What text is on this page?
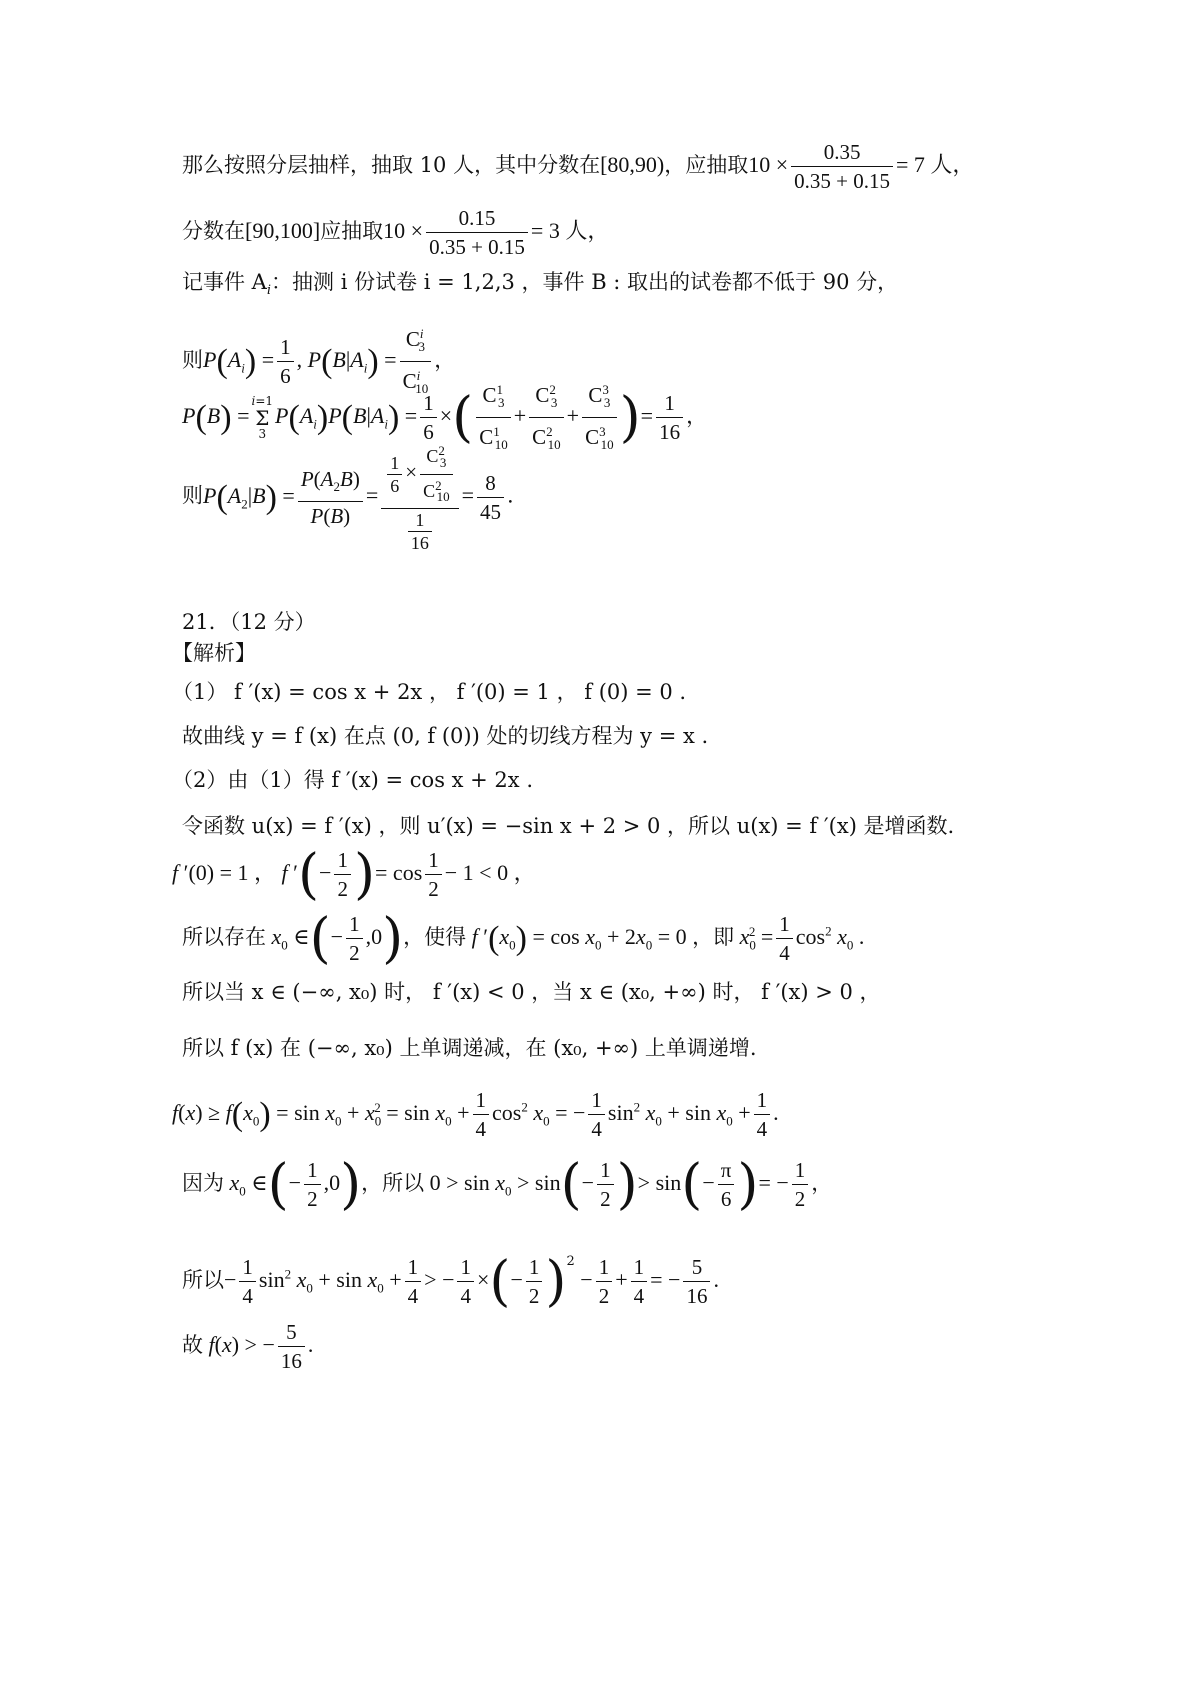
那么按照分层抽样，抽取 10 人，其中分数在[80,90)，应抽取$10 \times \frac{0.35}{0.35 + 0.15} = 7$ 人，
分数在[90,100]应抽取$10 \times \frac{0.15}{0.35 + 0.15} = 3$ 人，
记事件 $A_i$：抽测 i 份试卷 i = 1,2,3 ，事件 B : 取出的试卷都不低于 90 分，
则$P(A_i) = \frac{1}{6}$ , $P(B|A_i) = \frac{C^i_3}{C^i_{10}}$ ，
P(B) =i=1
Σ
$3P(A_i)P(B|A_i) = \frac{1}{6}$ ×( $\frac{C^1_3}{C^1_{10}} + \frac{C^2_3}{C^2_{10}} + \frac{C^3_3}{C^3_{10}}$ )= $\frac{1}{16}$ ，
则$P(A_2|B) = \frac{P(A_2B)}{P(B)} = \frac{\frac{1}{6} \times \frac{C^2_3}{C^2_{10}}}{\frac{1}{16}} = \frac{8}{45}$ .
21．（12 分）
【解析】
（1） f ′(x) = cos x + 2x ， f ′(0) = 1 ， f (0) = 0 .
故曲线 y = f (x) 在点 (0, f (0)) 处的切线方程为 y = x .
（2）由（1）得 f ′(x) = cos x + 2x .
令函数 u(x) = f ′(x) ，则 u′(x) = −sin x + 2 > 0 ，所以 u(x) = f ′(x) 是增函数.
f ′(0) = 1 ， f ′(− $\frac{1}{2}$ )= $\cos \frac{1}{2} - 1 < 0$ ，
所以存在 $x_0$ ∈(− $\frac{1}{2} ,0$)，使得 f $'(x_0) = \cos x_0 + 2x_0 = 0$ ，即 $x_0^2 = \frac{1}{4} \cos^2 x_0$ .
所以当 x ∈ (−∞, x₀) 时， f ′(x) < 0 ，当 x ∈ (x₀, +∞) 时， f ′(x) > 0 ，
所以 f (x) 在 (−∞, x₀) 上单调递减，在 (x₀, +∞) 上单调递增.
$f(x) \ge f(x_0) = \sin x_0 + x_0^2 = \sin x_0 + \frac{1}{4} \cos^2 x_0$ = − $\frac{1}{4} \sin^2 x_0 + \sin x_0 + \frac{1}{4}$ .
因为 $x_0$ ∈(− $\frac{1}{2} ,0$)，所以 $0 > \sin x_0 > \sin(- \frac{1}{2}$ )> $\sin(- \frac{\pi}{6}$ )= − $\frac{1}{2}$ ，
所以− $\frac{1}{4} \sin^2 x_0 + \sin x_0 + \frac{1}{4}$ > − $\frac{1}{4}$ ×(− $\frac{1}{2} )^2 - \frac{1}{2} + \frac{1}{4}$ = − $\frac{5}{16}$ .
故 f(x) > − $\frac{5}{16}$ .
